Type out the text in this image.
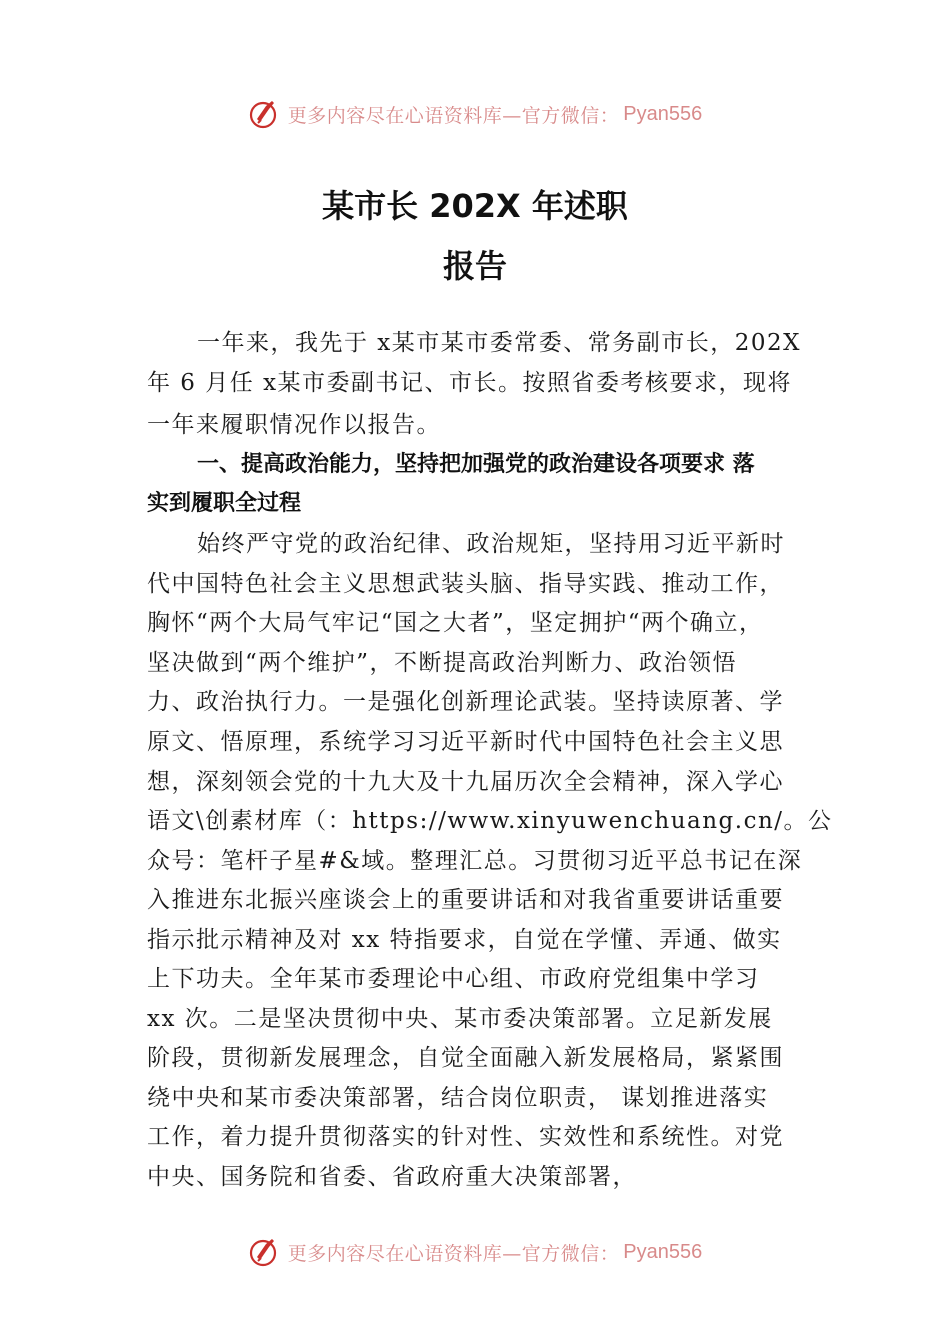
更多内容尽在心语资料库—官方微信： Pyan556
某市长 202X 年述职
报告
一年来，我先于 x某市某市委常委、常务副市长，202X
年 6 月任 x某市委副书记、市长。按照省委考核要求，现将
一年来履职情况作以报告。
一、提高政治能力，坚持把加强党的政治建设各项要求 落
实到履职全过程
始终严守党的政治纪律、政治规矩，坚持用习近平新时
代中国特色社会主义思想武装头脑、指导实践、推动工作，
胸怀“两个大局气牢记“国之大者”，坚定拥护“两个确立，
坚决做到“两个维护”，不断提高政治判断力、政治领悟
力、政治执行力。一是强化创新理论武装。坚持读原著、学
原文、悟原理，系统学习习近平新时代中国特色社会主义思
想，深刻领会党的十九大及十九届历次全会精神，深入学心
语文\创素材库（：https://www.xinyuwenchuang.cn/。公
众号：笔杆子星#&域。整理汇总。习贯彻习近平总书记在深
入推进东北振兴座谈会上的重要讲话和对我省重要讲话重要
指示批示精神及对 xx 特指要求，自觉在学懂、弄通、做实
上下功夫。全年某市委理论中心组、市政府党组集中学习
xx 次。二是坚决贯彻中央、某市委决策部署。立足新发展
阶段，贯彻新发展理念，自觉全面融入新发展格局，紧紧围
绕中央和某市委决策部署，结合岗位职责， 谋划推进落实
工作，着力提升贯彻落实的针对性、实效性和系统性。对党
中央、国务院和省委、省政府重大决策部署，
更多内容尽在心语资料库—官方微信： Pyan556
